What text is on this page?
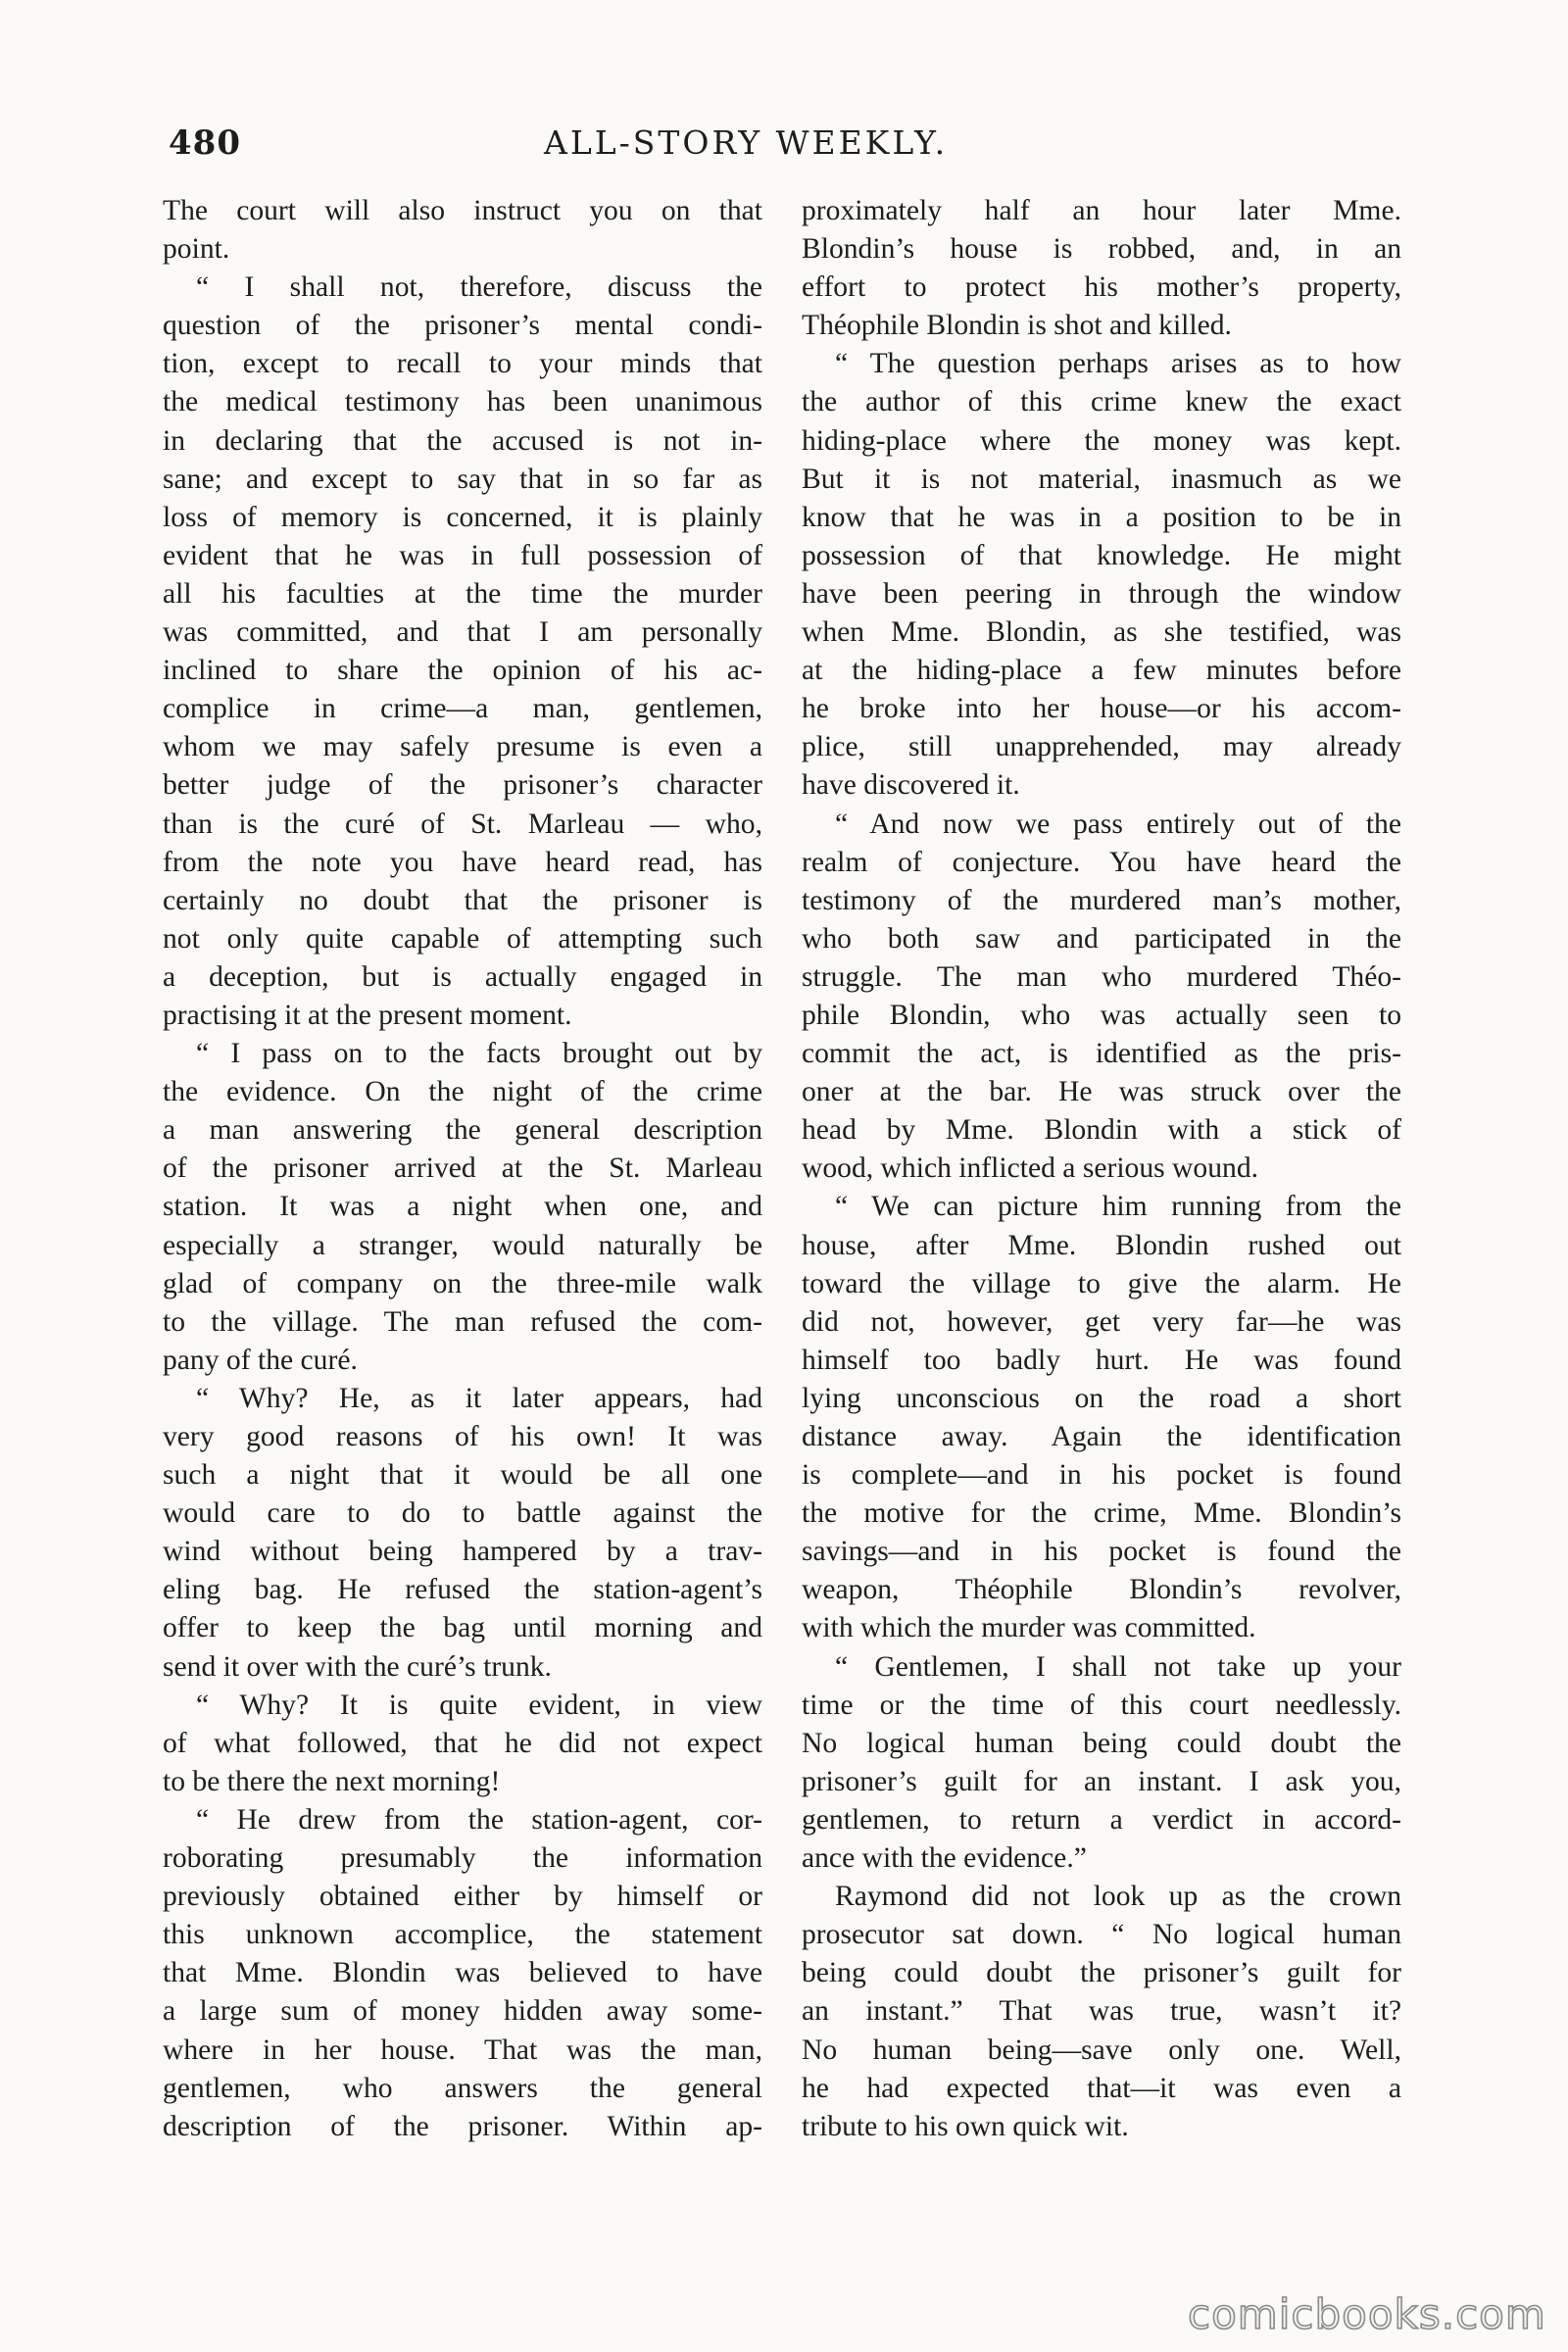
480	ALL-STORY WEEKLY.
The court will also instruct you on that
point.
“ I shall not, therefore, discuss the
question of the prisoner’s mental condi-
tion, except to recall to your minds that
the medical testimony has been unanimous
in declaring that the accused is not in-
sane; and except to say that in so far as
loss of memory is concerned, it is plainly
evident that he was in full possession of
all his faculties at the time the murder
was committed, and that I am personally
inclined to share the opinion of his ac-
complice in crime—a man, gentlemen,
whom we may safely presume is even a
better judge of the prisoner’s character
than is the curé of St. Marleau — who,
from the note you have heard read, has
certainly no doubt that the prisoner is
not only quite capable of attempting such
a deception, but is actually engaged in
practising it at the present moment.
“ I pass on to the facts brought out by
the evidence. On the night of the crime
a man answering the general description
of the prisoner arrived at the St. Marleau
station. It was a night when one, and
especially a stranger, would naturally be
glad of company on the three-mile walk
to the village. The man refused the com-
pany of the curé.
“ Why? He, as it later appears, had
very good reasons of his own! It was
such a night that it would be all one
would care to do to battle against the
wind without being hampered by a trav-
eling bag. He refused the station-agent’s
offer to keep the bag until morning and
send it over with the curé’s trunk.
“ Why? It is quite evident, in view
of what followed, that he did not expect
to be there the next morning!
“ He drew from the station-agent, cor-
roborating presumably the information
previously obtained either by himself or
this unknown accomplice, the statement
that Mme. Blondin was believed to have
a large sum of money hidden away some-
where in her house. That was the man,
gentlemen, who answers the general
description of the prisoner. Within ap-
proximately half an hour later Mme.
Blondin’s house is robbed, and, in an
effort to protect his mother’s property,
Théophile Blondin is shot and killed.
“ The question perhaps arises as to how
the author of this crime knew the exact
hiding-place where the money was kept.
But it is not material, inasmuch as we
know that he was in a position to be in
possession of that knowledge. He might
have been peering in through the window
when Mme. Blondin, as she testified, was
at the hiding-place a few minutes before
he broke into her house—or his accom-
plice, still unapprehended, may already
have discovered it.
“ And now we pass entirely out of the
realm of conjecture. You have heard the
testimony of the murdered man’s mother,
who both saw and participated in the
struggle. The man who murdered Théo-
phile Blondin, who was actually seen to
commit the act, is identified as the pris-
oner at the bar. He was struck over the
head by Mme. Blondin with a stick of
wood, which inflicted a serious wound.
“ We can picture him running from the
house, after Mme. Blondin rushed out
toward the village to give the alarm. He
did not, however, get very far—he was
himself too badly hurt. He was found
lying unconscious on the road a short
distance away. Again the identification
is complete—and in his pocket is found
the motive for the crime, Mme. Blondin’s
savings—and in his pocket is found the
weapon, Théophile Blondin’s revolver,
with which the murder was committed.
“ Gentlemen, I shall not take up your
time or the time of this court needlessly.
No logical human being could doubt the
prisoner’s guilt for an instant. I ask you,
gentlemen, to return a verdict in accord-
ance with the evidence.”
Raymond did not look up as the crown
prosecutor sat down. “ No logical human
being could doubt the prisoner’s guilt for
an instant.” That was true, wasn’t it?
No human being—save only one. Well,
he had expected that—it was even a
tribute to his own quick wit.
comicbooks.com
